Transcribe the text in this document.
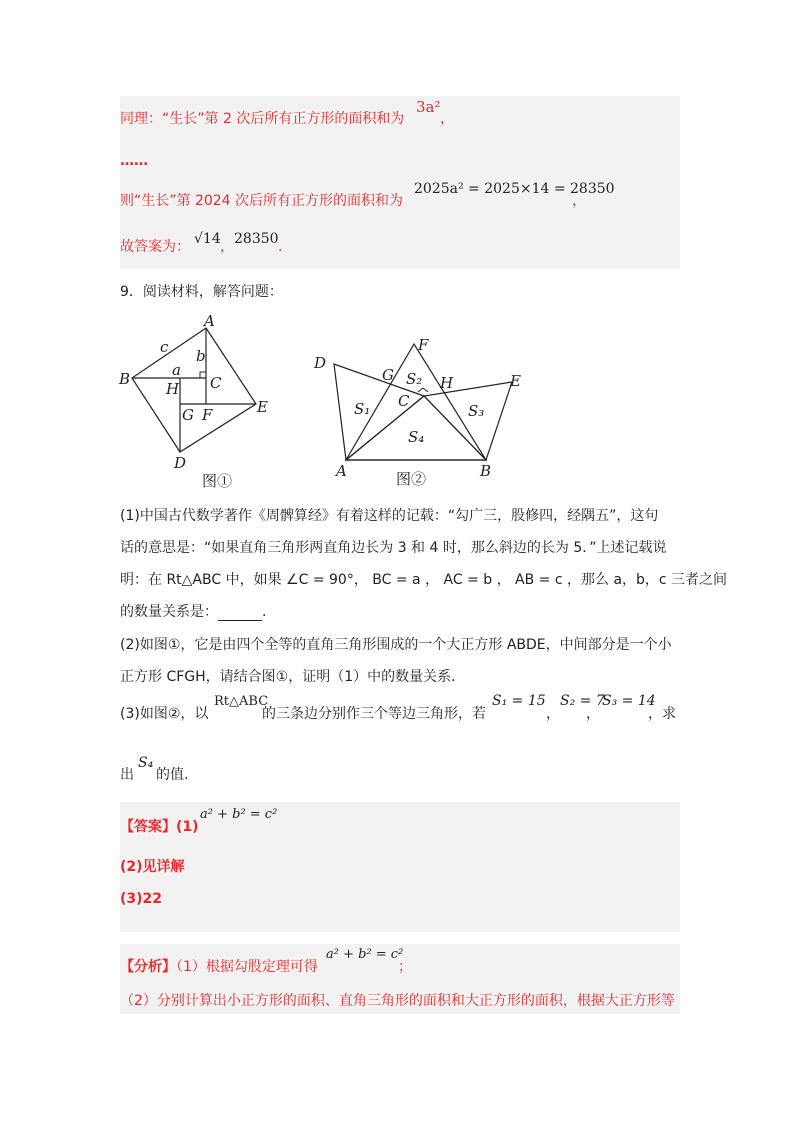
同理：“生长”第 2 次后所有正方形的面积和为
3a²
，
……
则“生长”第 2024 次后所有正方形的面积和为
2025a² = 2025×14 = 28350
，
故答案为： √14 ， 28350 .
9．阅读材料，解答问题：
A
B
c b
a
H C
G F	E
D
图①
D
F
G S₂ H	E
S₁ C
S₃
S₄
A	B
图②
(1)中国古代数学著作《周髀算经》有着这样的记载：“勾广三，股修四，经隅五”，这句
话的意思是：“如果直角三角形两直角边长为 3 和 4 时，那么斜边的长为 5．”上述记载说
明：在 Rt△ABC 中，如果 ∠C = 90°， BC = a ， AC = b ， AB = c ，那么 a，b，c 三者之间
的数量关系是：	.
(2)如图①，它是由四个全等的直角三角形围成的一个大正方形 ABDE，中间部分是一个小
正方形 CFGH，请结合图①，证明（1）中的数量关系．
(3)如图②，以
Rt△ABC
的三条边分别作三个等边三角形，若
S₁ = 15
，
S₂ = 7
，
S₃ = 14
，求
出
S₄
的值.
【答案】(1)
a² + b² = c²
(2)见详解
(3)22
【分析】（1）根据勾股定理可得
a² + b² = c²
；
（2）分别计算出小正方形的面积、直角三角形的面积和大正方形的面积，根据大正方形等
